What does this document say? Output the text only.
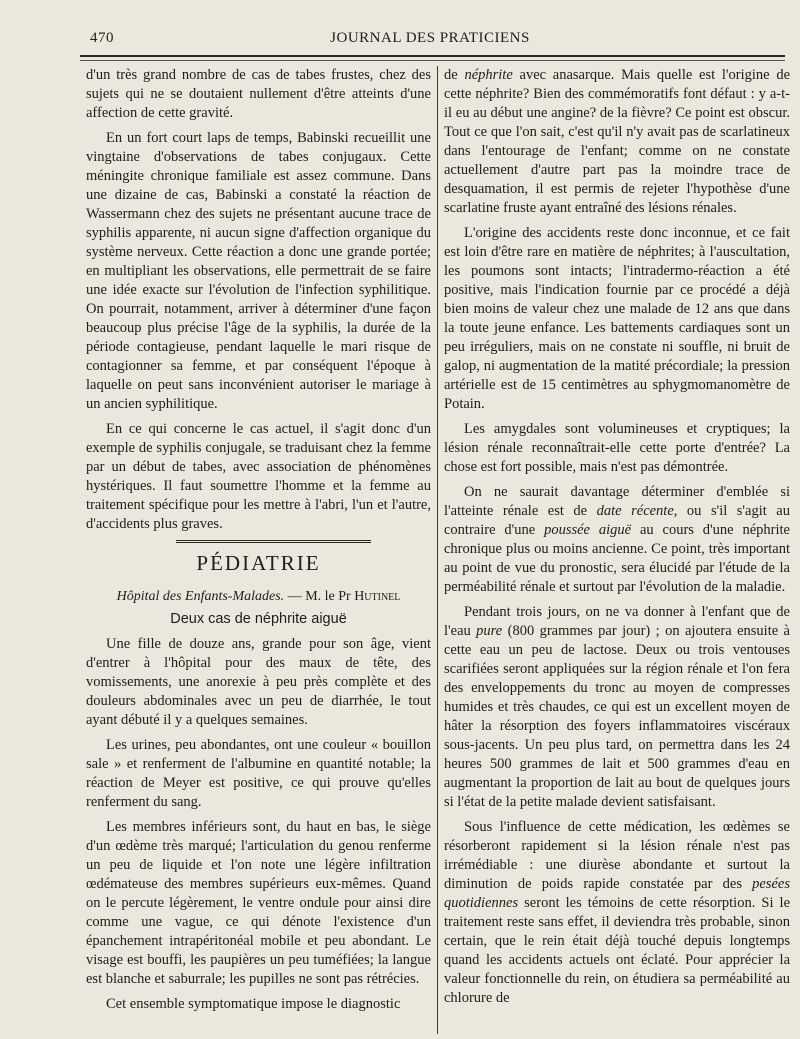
470	JOURNAL DES PRATICIENS

d'un très grand nombre de cas de tabes frustes, chez des sujets qui ne se doutaient nullement d'être atteints d'une affection de cette gravité.

En un fort court laps de temps, Babinski recueillit une vingtaine d'observations de tabes conjugaux. Cette méningite chronique familiale est assez commune. Dans une dizaine de cas, Babinski a constaté la réaction de Wassermann chez des sujets ne présentant aucune trace de syphilis apparente, ni aucun signe d'affection organique du système nerveux. Cette réaction a donc une grande portée; en multipliant les observations, elle permettrait de se faire une idée exacte sur l'évolution de l'infection syphilitique. On pourrait, notamment, arriver à déterminer d'une façon beaucoup plus précise l'âge de la syphilis, la durée de la période contagieuse, pendant laquelle le mari risque de contagionner sa femme, et par conséquent l'époque à laquelle on peut sans inconvénient autoriser le mariage à un ancien syphilitique.

En ce qui concerne le cas actuel, il s'agit donc d'un exemple de syphilis conjugale, se traduisant chez la femme par un début de tabes, avec association de phénomènes hystériques. Il faut soumettre l'homme et la femme au traitement spécifique pour les mettre à l'abri, l'un et l'autre, d'accidents plus graves.

PÉDIATRIE
Hôpital des Enfants-Malades. — M. le Pr Hutinel
Deux cas de néphrite aiguë

Une fille de douze ans, grande pour son âge, vient d'entrer à l'hôpital pour des maux de tête, des vomissements, une anorexie à peu près complète et des douleurs abdominales avec un peu de diarrhée, le tout ayant débuté il y a quelques semaines.

Les urines, peu abondantes, ont une couleur « bouillon sale » et renferment de l'albumine en quantité notable; la réaction de Meyer est positive, ce qui prouve qu'elles renferment du sang.

Les membres inférieurs sont, du haut en bas, le siège d'un œdème très marqué; l'articulation du genou renferme un peu de liquide et l'on note une légère infiltration œdémateuse des membres supérieurs eux-mêmes. Quand on le percute légèrement, le ventre ondule pour ainsi dire comme une vague, ce qui dénote l'existence d'un épanchement intrapéritonéal mobile et peu abondant. Le visage est bouffi, les paupières un peu tuméfiées; la langue est blanche et saburrale; les pupilles ne sont pas rétrécies.

Cet ensemble symptomatique impose le diagnostic

de néphrite avec anasarque. Mais quelle est l'origine de cette néphrite? Bien des commémoratifs font défaut : y a-t-il eu au début une angine? de la fièvre? Ce point est obscur. Tout ce que l'on sait, c'est qu'il n'y avait pas de scarlatineux dans l'entourage de l'enfant; comme on ne constate actuellement d'autre part pas la moindre trace de desquamation, il est permis de rejeter l'hypothèse d'une scarlatine fruste ayant entraîné des lésions rénales.

L'origine des accidents reste donc inconnue, et ce fait est loin d'être rare en matière de néphrites; à l'auscultation, les poumons sont intacts; l'intradermo-réaction a été positive, mais l'indication fournie par ce procédé a déjà bien moins de valeur chez une malade de 12 ans que dans la toute jeune enfance. Les battements cardiaques sont un peu irréguliers, mais on ne constate ni souffle, ni bruit de galop, ni augmentation de la matité précordiale; la pression artérielle est de 15 centimètres au sphygmomanomètre de Potain.

Les amygdales sont volumineuses et cryptiques; la lésion rénale reconnaîtrait-elle cette porte d'entrée? La chose est fort possible, mais n'est pas démontrée.

On ne saurait davantage déterminer d'emblée si l'atteinte rénale est de date récente, ou s'il s'agit au contraire d'une poussée aiguë au cours d'une néphrite chronique plus ou moins ancienne. Ce point, très important au point de vue du pronostic, sera élucidé par l'étude de la perméabilité rénale et surtout par l'évolution de la maladie.

Pendant trois jours, on ne va donner à l'enfant que de l'eau pure (800 grammes par jour) ; on ajoutera ensuite à cette eau un peu de lactose. Deux ou trois ventouses scarifiées seront appliquées sur la région rénale et l'on fera des enveloppements du tronc au moyen de compresses humides et très chaudes, ce qui est un excellent moyen de hâter la résorption des foyers inflammatoires viscéraux sous-jacents. Un peu plus tard, on permettra dans les 24 heures 500 grammes de lait et 500 grammes d'eau en augmentant la proportion de lait au bout de quelques jours si l'état de la petite malade devient satisfaisant.

Sous l'influence de cette médication, les œdèmes se résorberont rapidement si la lésion rénale n'est pas irrémédiable : une diurèse abondante et surtout la diminution de poids rapide constatée par des pesées quotidiennes seront les témoins de cette résorption. Si le traitement reste sans effet, il deviendra très probable, sinon certain, que le rein était déjà touché depuis longtemps quand les accidents actuels ont éclaté. Pour apprécier la valeur fonctionnelle du rein, on étudiera sa perméabilité au chlorure de
